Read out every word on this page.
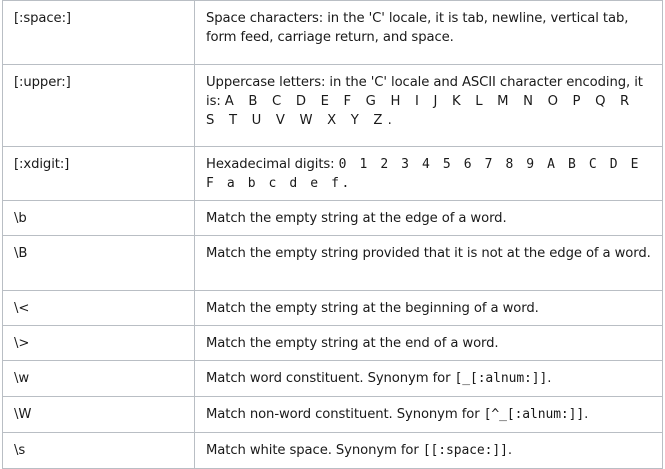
[:space:]	Space characters: in the 'C' locale, it is tab, newline, vertical tab, form feed, carriage return, and space.
[:upper:]	Uppercase letters: in the 'C' locale and ASCII character encoding, it is: A B C D E F G H I J K L M N O P Q R S T U V W X Y Z.
[:xdigit:]	Hexadecimal digits: 0 1 2 3 4 5 6 7 8 9 A B C D E F a b c d e f.
\b	Match the empty string at the edge of a word.
\B	Match the empty string provided that it is not at the edge of a word.
\<	Match the empty string at the beginning of a word.
\>	Match the empty string at the end of a word.
\w	Match word constituent. Synonym for [_[:alnum:]].
\W	Match non-word constituent. Synonym for [^_[:alnum:]].
\s	Match white space. Synonym for [[:space:]].
